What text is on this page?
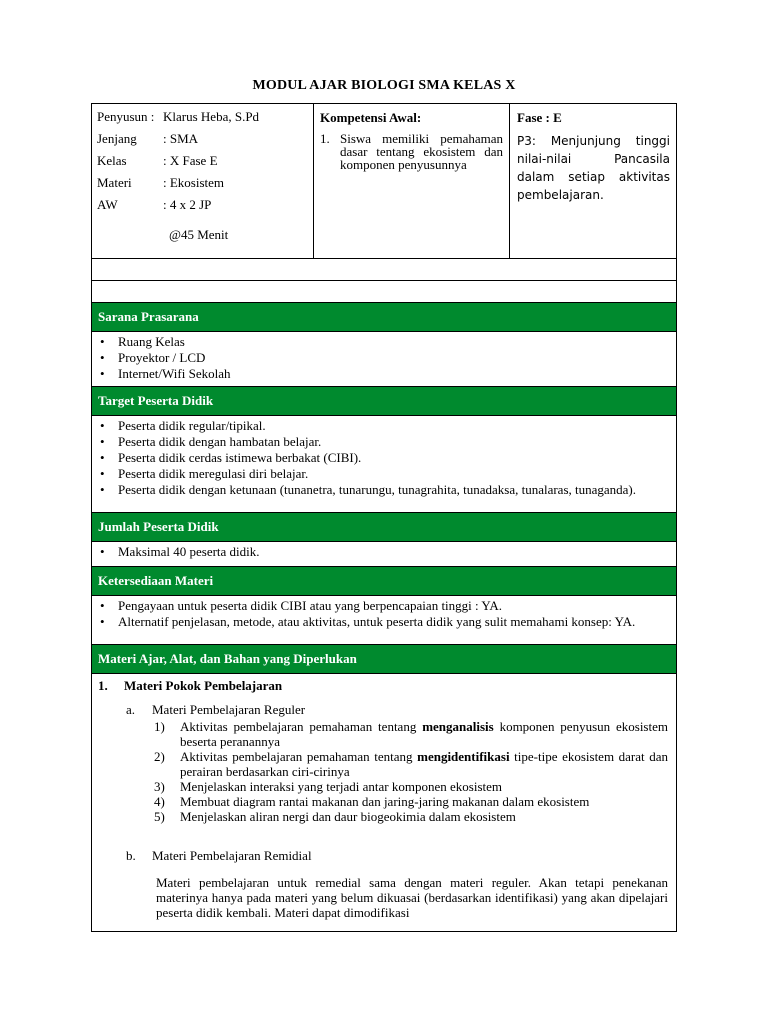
MODUL AJAR BIOLOGI SMA KELAS X
Penyusun : Klarus Heba, S.Pd
Jenjang	: SMA
Kelas	: X Fase E
Materi	: Ekosistem
AW	: 4 x 2 JP
@45 Menit
Kompetensi Awal:
1. Siswa memiliki pemahaman dasar tentang ekosistem dan komponen penyusunnya
Fase : E
P3: Menjunjung tinggi nilai-nilai Pancasila dalam setiap aktivitas pembelajaran.
Sarana Prasarana
• Ruang Kelas
• Proyektor / LCD
• Internet/Wifi Sekolah
Target Peserta Didik
• Peserta didik regular/tipikal.
• Peserta didik dengan hambatan belajar.
• Peserta didik cerdas istimewa berbakat (CIBI).
• Peserta didik meregulasi diri belajar.
• Peserta didik dengan ketunaan (tunanetra, tunarungu, tunagrahita, tunadaksa, tunalaras, tunaganda).
Jumlah Peserta Didik
• Maksimal 40 peserta didik.
Ketersediaan Materi
• Pengayaan untuk peserta didik CIBI atau yang berpencapaian tinggi : YA.
• Alternatif penjelasan, metode, atau aktivitas, untuk peserta didik yang sulit memahami konsep: YA.
Materi Ajar, Alat, dan Bahan yang Diperlukan
1.	Materi Pokok Pembelajaran
a.	Materi Pembelajaran Reguler
1)	Aktivitas pembelajaran pemahaman tentang menganalisis komponen penyusun ekosistem beserta peranannya
2)	Aktivitas pembelajaran pemahaman tentang mengidentifikasi tipe-tipe ekosistem darat dan perairan berdasarkan ciri-cirinya
3)	Menjelaskan interaksi yang terjadi antar komponen ekosistem
4)	Membuat diagram rantai makanan dan jaring-jaring makanan dalam ekosistem
5)	Menjelaskan aliran nergi dan daur biogeokimia dalam ekosistem
b.	Materi Pembelajaran Remidial
Materi pembelajaran untuk remedial sama dengan materi reguler. Akan tetapi penekanan materinya hanya pada materi yang belum dikuasai (berdasarkan identifikasi) yang akan dipelajari peserta didik kembali. Materi dapat dimodifikasi
